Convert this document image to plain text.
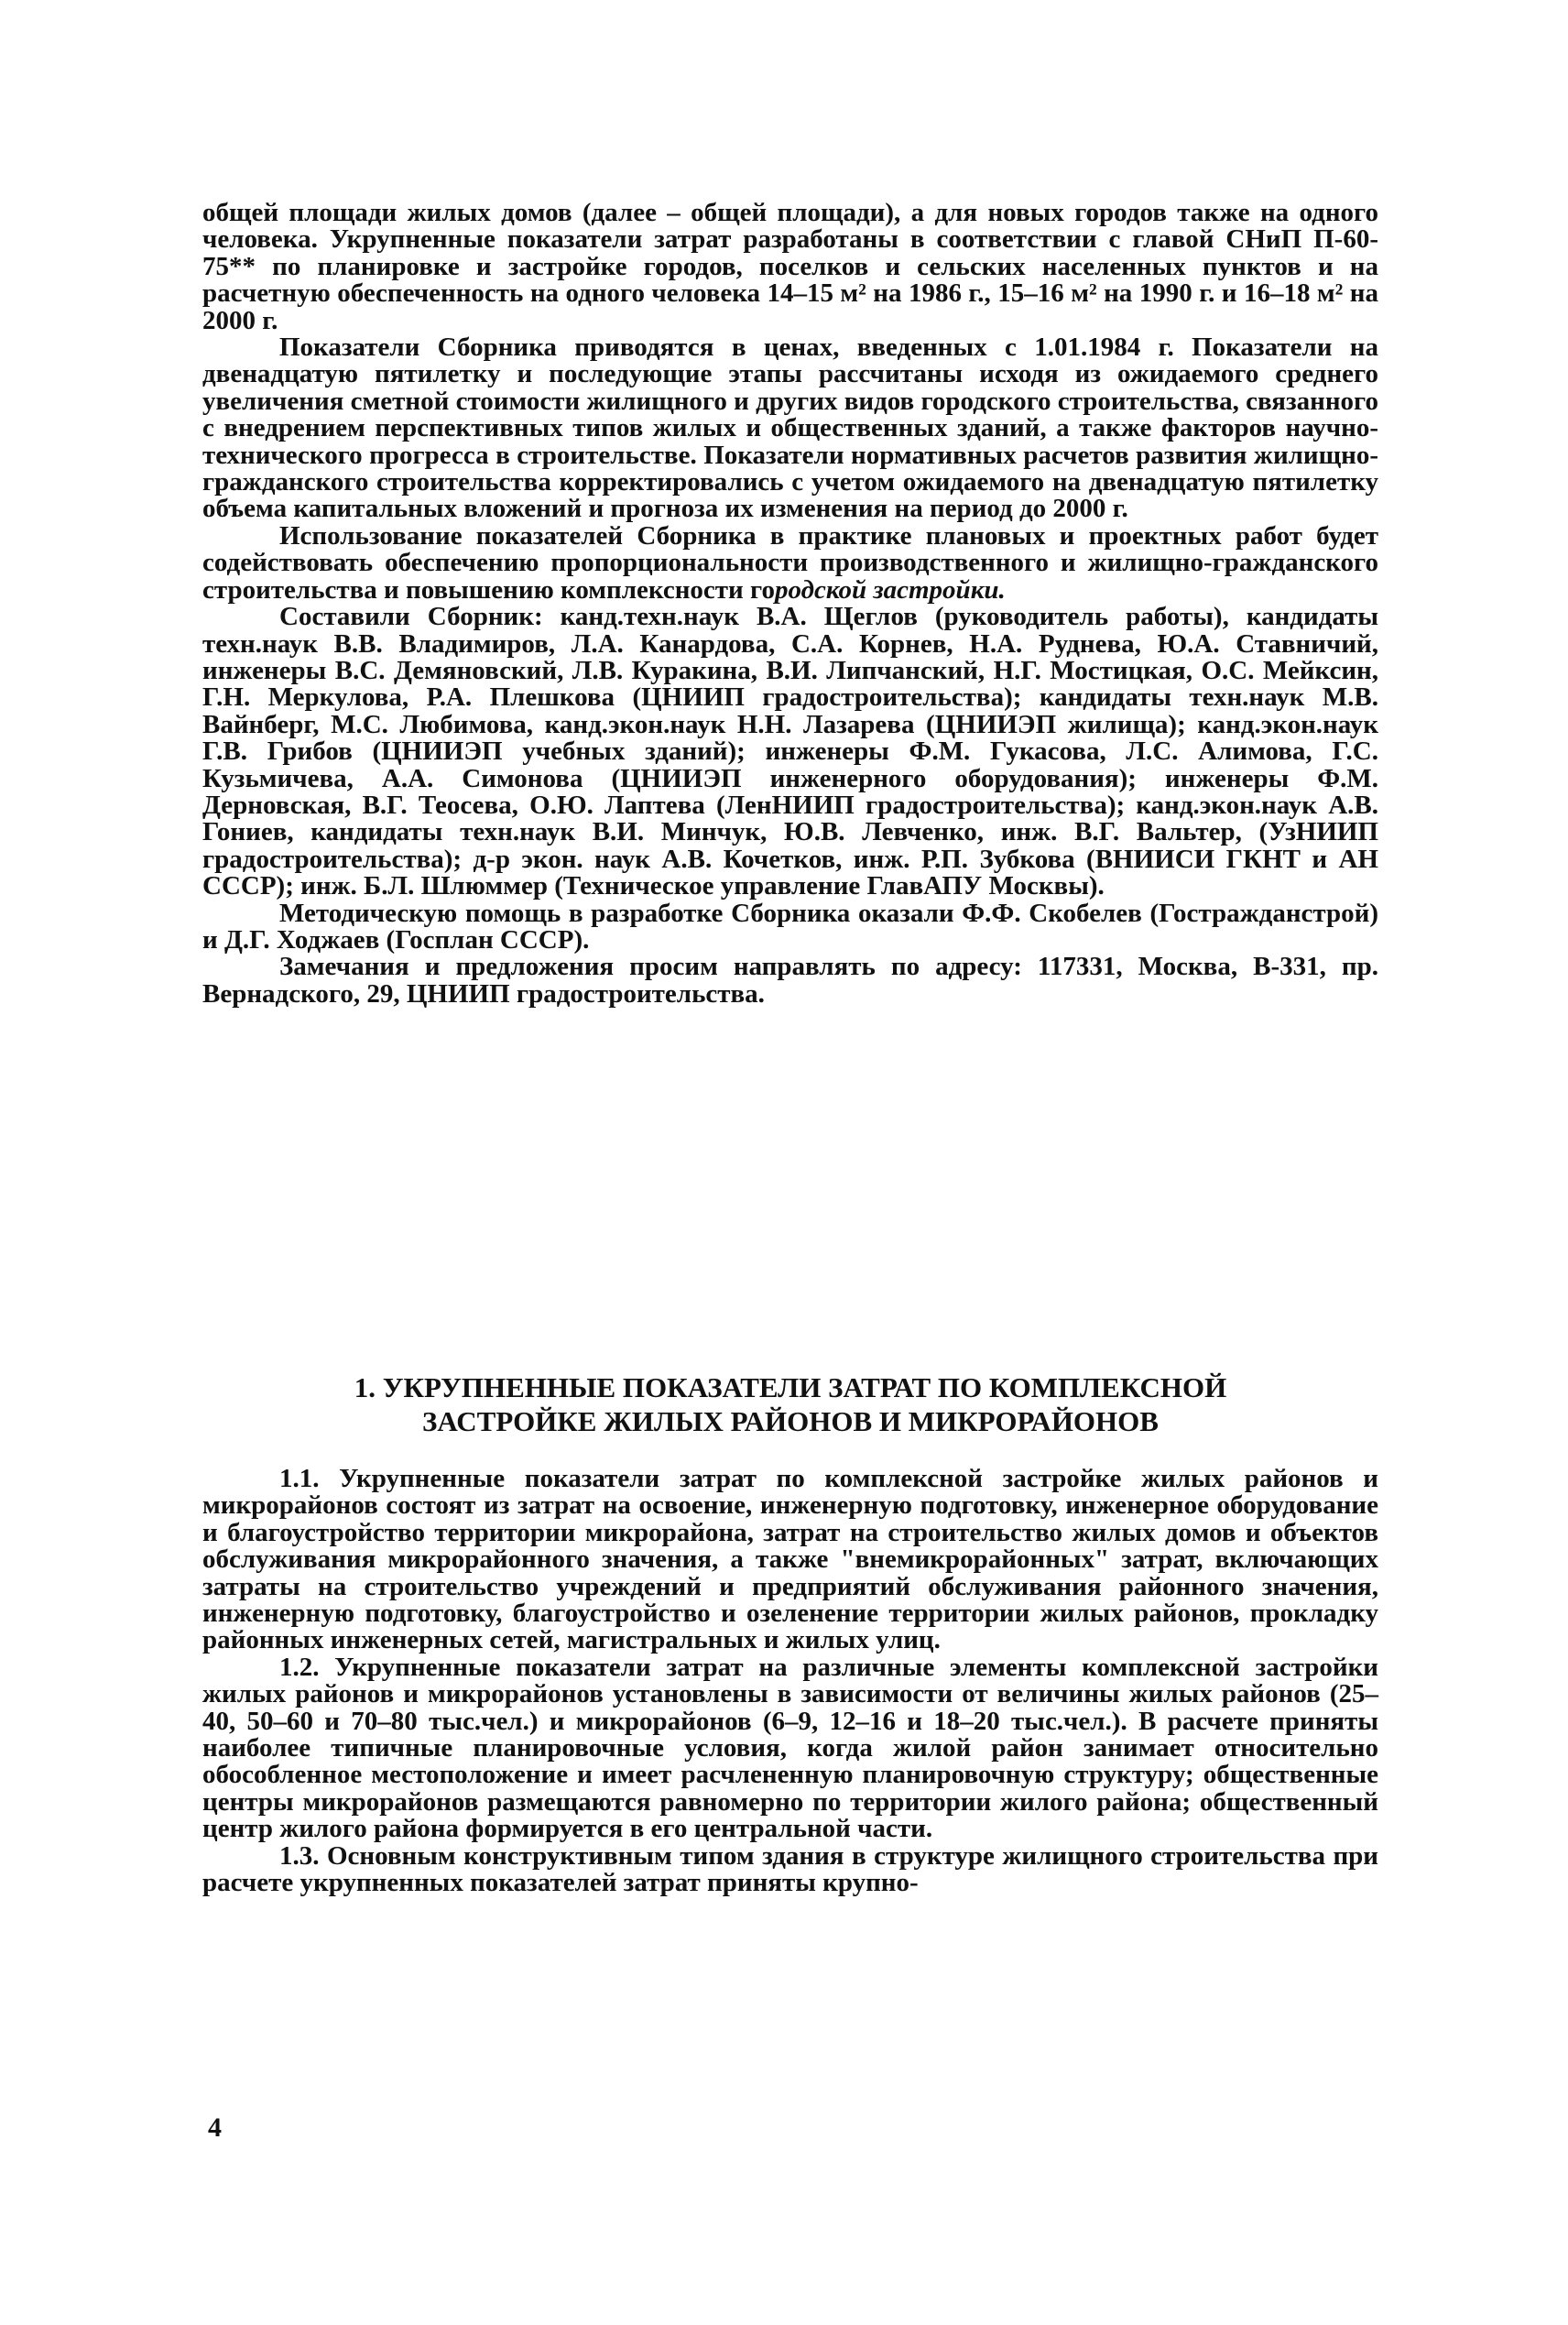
общей площади жилых домов (далее – общей площади), а для новых городов также на одного человека. Укрупненные показатели затрат разработаны в соответствии с главой СНиП П-60-75** по планировке и застройке городов, поселков и сельских населенных пунктов и на расчетную обеспеченность на одного человека 14–15 м² на 1986 г., 15–16 м² на 1990 г. и 16–18 м² на 2000 г.

Показатели Сборника приводятся в ценах, введенных с 1.01.1984 г. Показатели на двенадцатую пятилетку и последующие этапы рассчитаны исходя из ожидаемого среднего увеличения сметной стоимости жилищного и других видов городского строительства, связанного с внедрением перспективных типов жилых и общественных зданий, а также факторов научно-технического прогресса в строительстве. Показатели нормативных расчетов развития жилищно-гражданского строительства корректировались с учетом ожидаемого на двенадцатую пятилетку объема капитальных вложений и прогноза их изменения на период до 2000 г.

Использование показателей Сборника в практике плановых и проектных работ будет содействовать обеспечению пропорциональности производственного и жилищно-гражданского строительства и повышению комплексности городской застройки.

Составили Сборник: канд.техн.наук В.А. Щеглов (руководитель работы), кандидаты техн.наук В.В. Владимиров, Л.А. Канардова, С.А. Корнев, Н.А. Руднева, Ю.А. Ставничий, инженеры В.С. Демяновский, Л.В. Куракина, В.И. Липчанский, Н.Г. Мостицкая, О.С. Мейксин, Г.Н. Меркулова, Р.А. Плешкова (ЦНИИП градостроительства); кандидаты техн.наук М.В. Вайнберг, М.С. Любимова, канд.экон.наук Н.Н. Лазарева (ЦНИИЭП жилища); канд.экон.наук Г.В. Грибов (ЦНИИЭП учебных зданий); инженеры Ф.М. Гукасова, Л.С. Алимова, Г.С. Кузьмичева, А.А. Симонова (ЦНИИЭП инженерного оборудования); инженеры Ф.М. Дерновская, В.Г. Теосева, О.Ю. Лаптева (ЛенНИИП градостроительства); канд.экон.наук А.В. Гониев, кандидаты техн.наук В.И. Минчук, Ю.В. Левченко, инж. В.Г. Вальтер, (УзНИИП градостроительства); д-р экон. наук А.В. Кочетков, инж. Р.П. Зубкова (ВНИИСИ ГКНТ и АН СССР); инж. Б.Л. Шлюммер (Техническое управление ГлавАПУ Москвы).

Методическую помощь в разработке Сборника оказали Ф.Ф. Скобелев (Гостражданстрой) и Д.Г. Ходжаев (Госплан СССР).

Замечания и предложения просим направлять по адресу: 117331, Москва, В-331, пр. Вернадского, 29, ЦНИИП градостроительства.

1. УКРУПНЕННЫЕ ПОКАЗАТЕЛИ ЗАТРАТ ПО КОМПЛЕКСНОЙ
ЗАСТРОЙКЕ ЖИЛЫХ РАЙОНОВ И МИКРОРАЙОНОВ

1.1. Укрупненные показатели затрат по комплексной застройке жилых районов и микрорайонов состоят из затрат на освоение, инженерную подготовку, инженерное оборудование и благоустройство территории микрорайона, затрат на строительство жилых домов и объектов обслуживания микрорайонного значения, а также "внемикрорайонных" затрат, включающих затраты на строительство учреждений и предприятий обслуживания районного значения, инженерную подготовку, благоустройство и озеленение территории жилых районов, прокладку районных инженерных сетей, магистральных и жилых улиц.

1.2. Укрупненные показатели затрат на различные элементы комплексной застройки жилых районов и микрорайонов установлены в зависимости от величины жилых районов (25–40, 50–60 и 70–80 тыс.чел.) и микрорайонов (6–9, 12–16 и 18–20 тыс.чел.). В расчете приняты наиболее типичные планировочные условия, когда жилой район занимает относительно обособленное местоположение и имеет расчлененную планировочную структуру; общественные центры микрорайонов размещаются равномерно по территории жилого района; общественный центр жилого района формируется в его центральной части.

1.3. Основным конструктивным типом здания в структуре жилищного строительства при расчете укрупненных показателей затрат приняты крупно-

4
